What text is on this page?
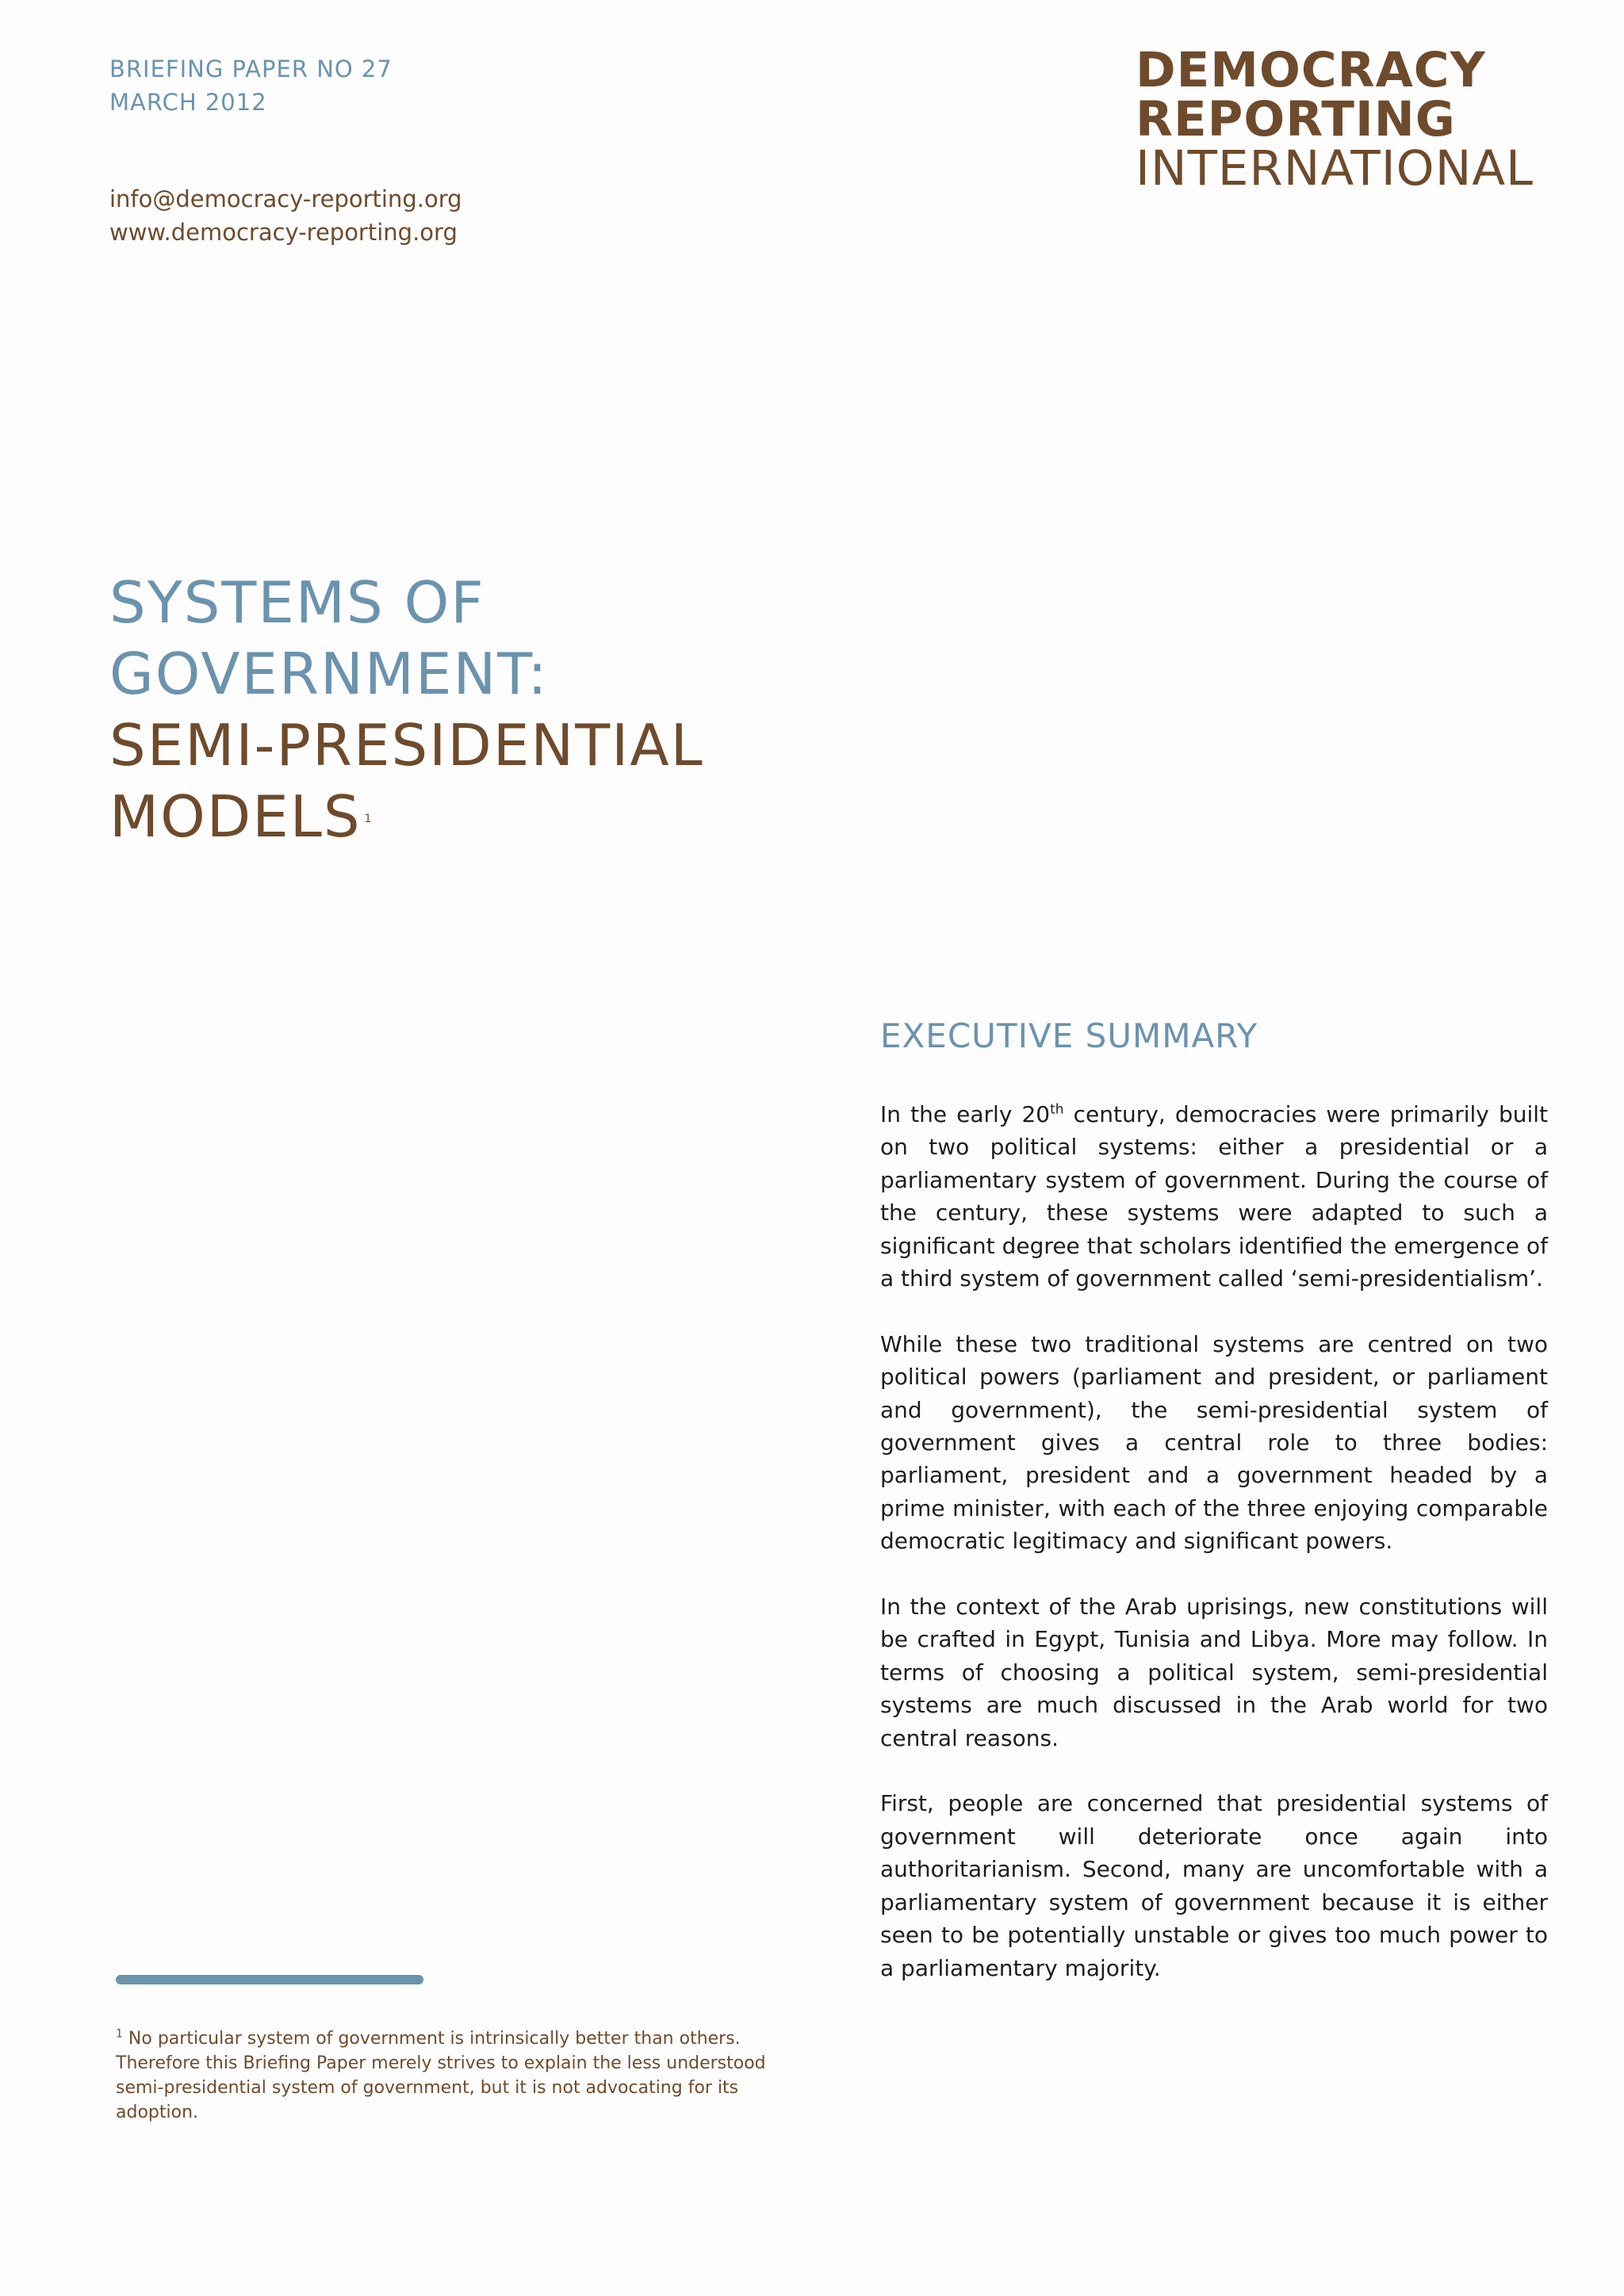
BRIEFING PAPER NO 27
MARCH 2012
info@democracy-reporting.org
www.democracy-reporting.org
DEMOCRACY
REPORTING
INTERNATIONAL
SYSTEMS OF
GOVERNMENT:
SEMI-PRESIDENTIAL
MODELS $^1$
EXECUTIVE SUMMARY

In the early 20th century, democracies were primarily built on two political systems: either a presidential or a parliamentary system of government. During the course of the century, these systems were adapted to such a significant degree that scholars identified the emergence of a third system of government called ‘semi-presidentialism’.

While these two traditional systems are centred on two political powers (parliament and president, or parliament and government), the semi-presidential system of government gives a central role to three bodies: parliament, president and a government headed by a prime minister, with each of the three enjoying comparable democratic legitimacy and significant powers.

In the context of the Arab uprisings, new constitutions will be crafted in Egypt, Tunisia and Libya. More may follow. In terms of choosing a political system, semi-presidential systems are much discussed in the Arab world for two central reasons.

First, people are concerned that presidential systems of government will deteriorate once again into authoritarianism. Second, many are uncomfortable with a parliamentary system of government because it is either seen to be potentially unstable or gives too much power to a parliamentary majority.

$^1$ No particular system of government is intrinsically better than others. Therefore this Briefing Paper merely strives to explain the less understood semi-presidential system of government, but it is not advocating for its adoption.
